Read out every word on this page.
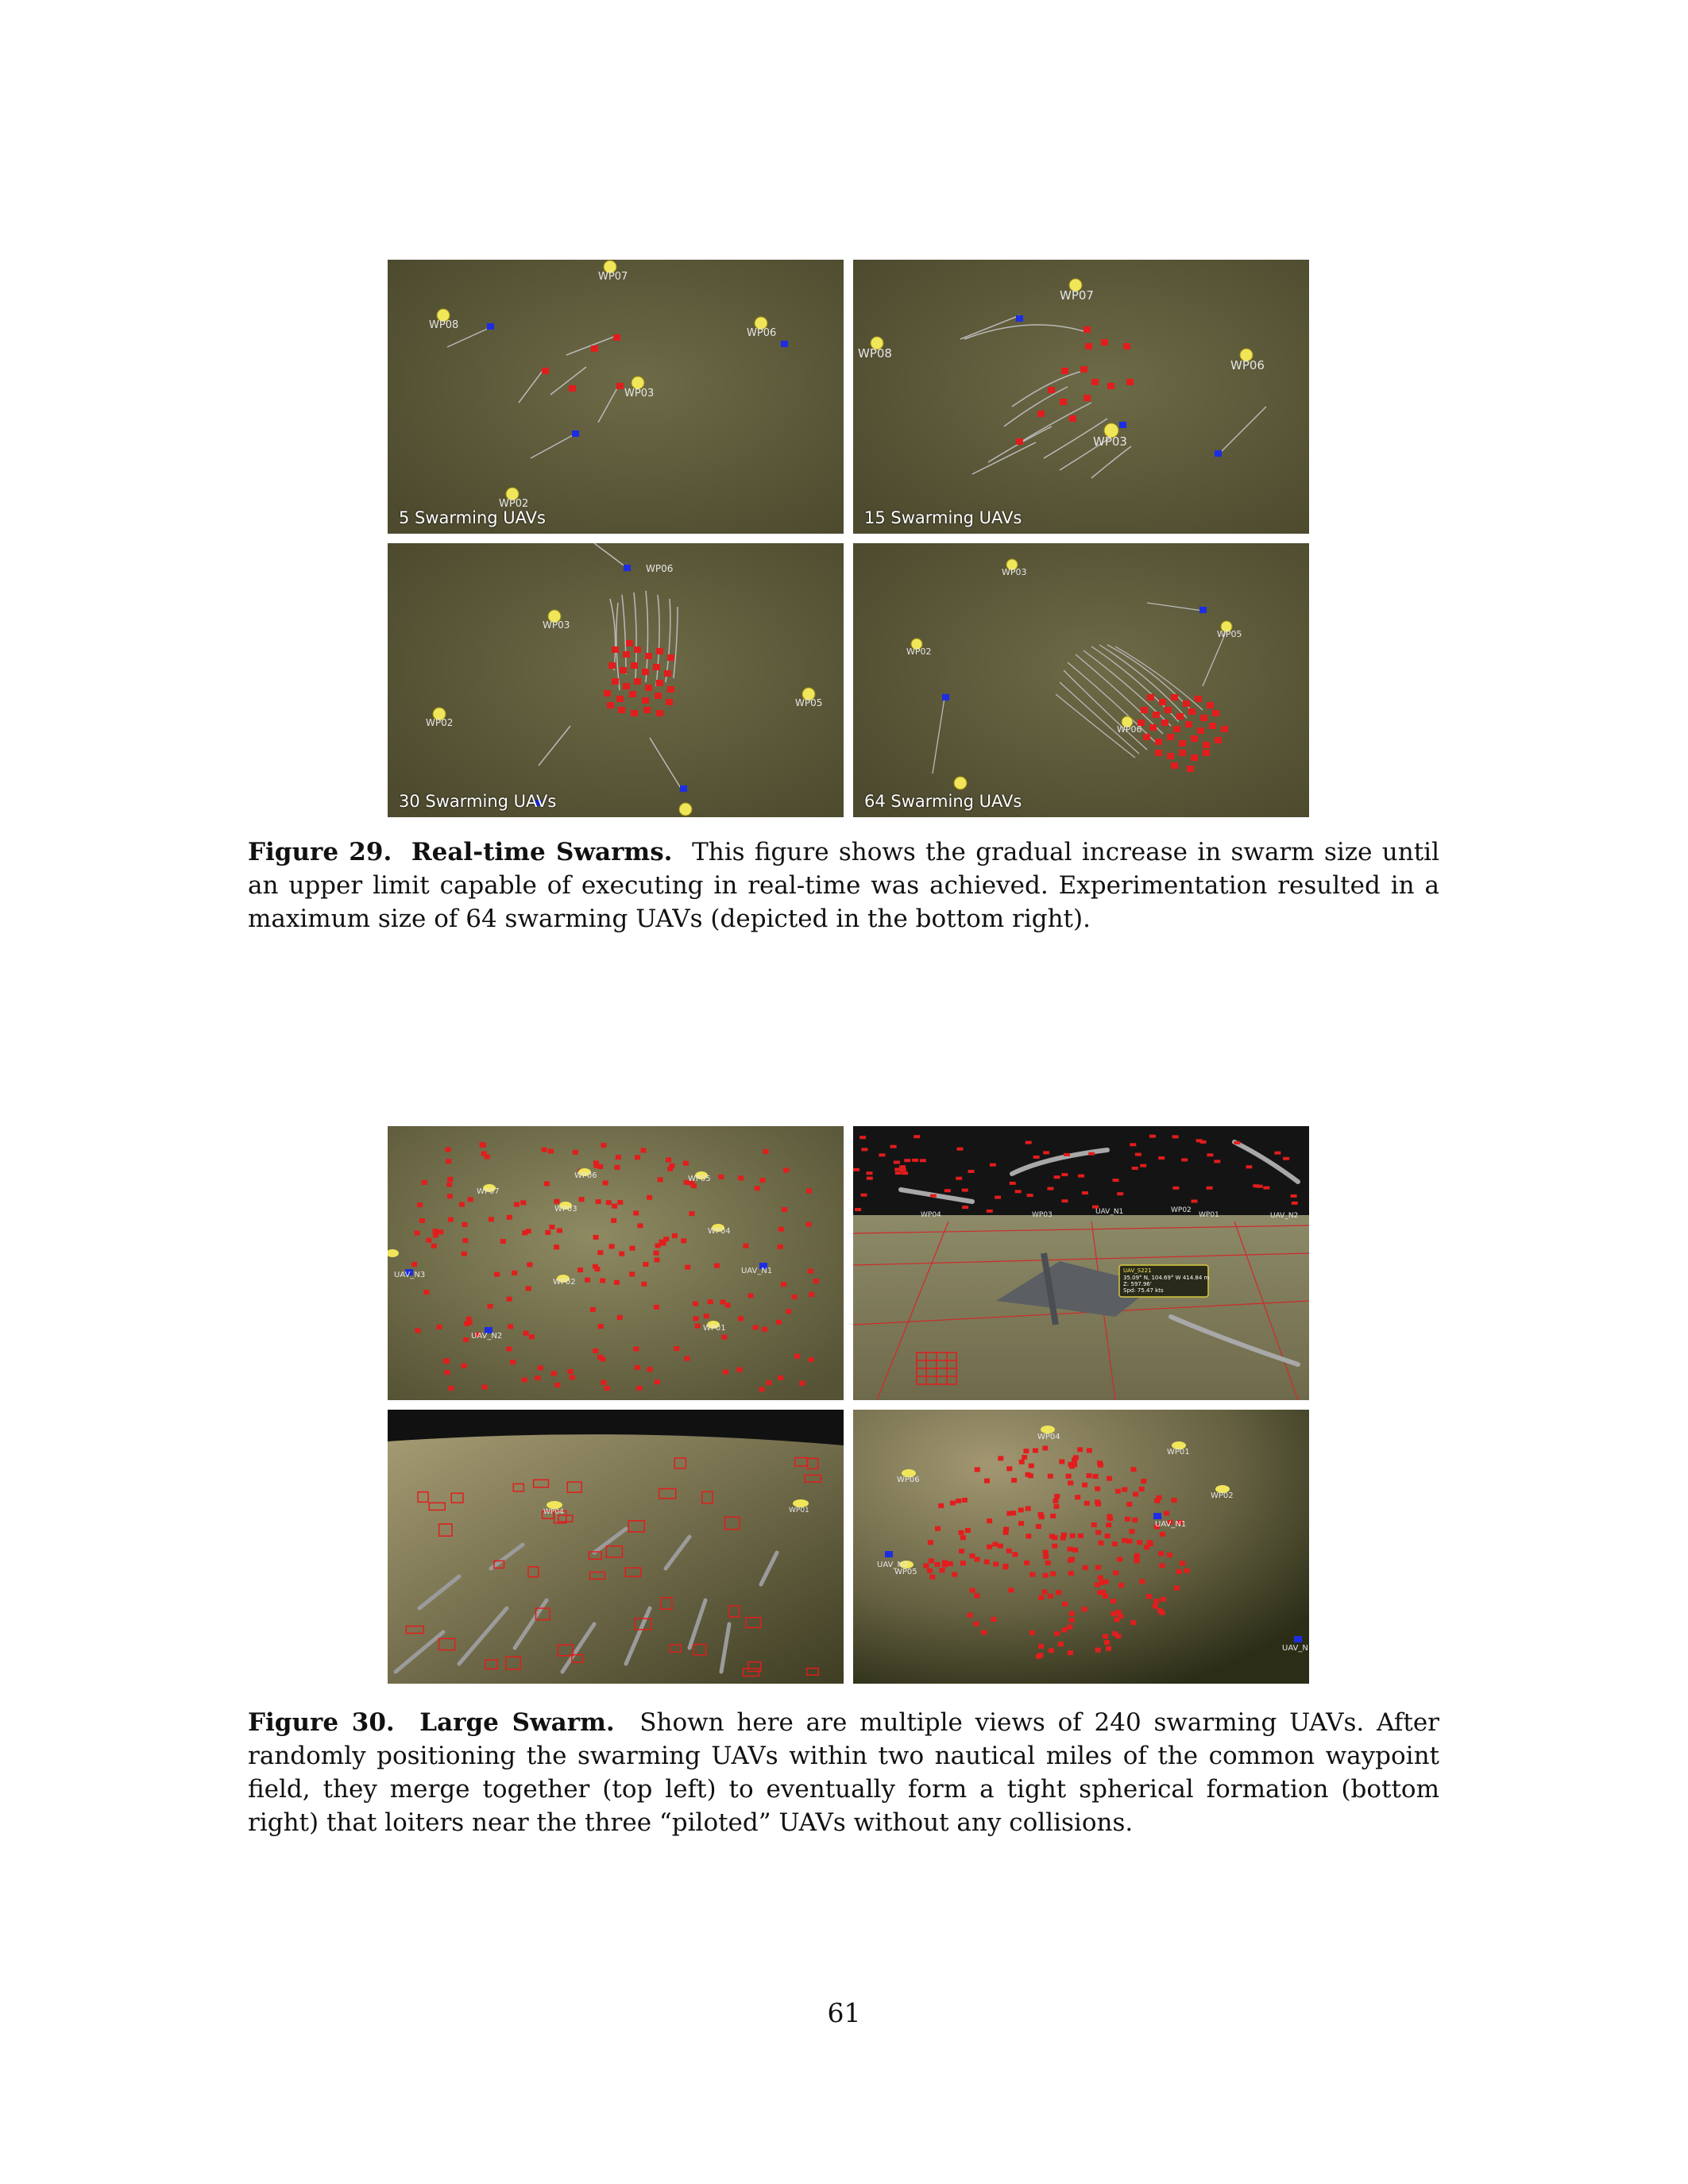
WP07
WP08
WP06
WP03
WP02
5 Swarming UAVs
WP07
WP08
WP06
WP03
15 Swarming UAVs
WP06
WP03
WP05
WP02
30 Swarming UAVs
WP03
WP02
WP05
WP06
64 Swarming UAVs
Figure 29. Real-time Swarms. This figure shows the gradual increase in swarm size until an upper limit capable of executing in real-time was achieved. Experimentation resulted in a maximum size of 64 swarming UAVs (depicted in the bottom right).
WP07
WP06	WP05
WP03
WP04
WP02
WP01
UAV_N3	UAV_N1
UAV_N2
WP04	WP03
WP02
WP01
UAV_N1	UAV_N2
UAV_S221
35.09° N, 104.69° W 414.84 m
Z: 597.96'
Spd: 75.47 kts
WP04	WP01
WP04
WP01
WP06
WP02
WP05
UAV_N1
UAV_N2
UAV_N
Figure 30. Large Swarm. Shown here are multiple views of 240 swarming UAVs. After randomly positioning the swarming UAVs within two nautical miles of the common waypoint field, they merge together (top left) to eventually form a tight spherical formation (bottom right) that loiters near the three “piloted” UAVs without any collisions.
61
